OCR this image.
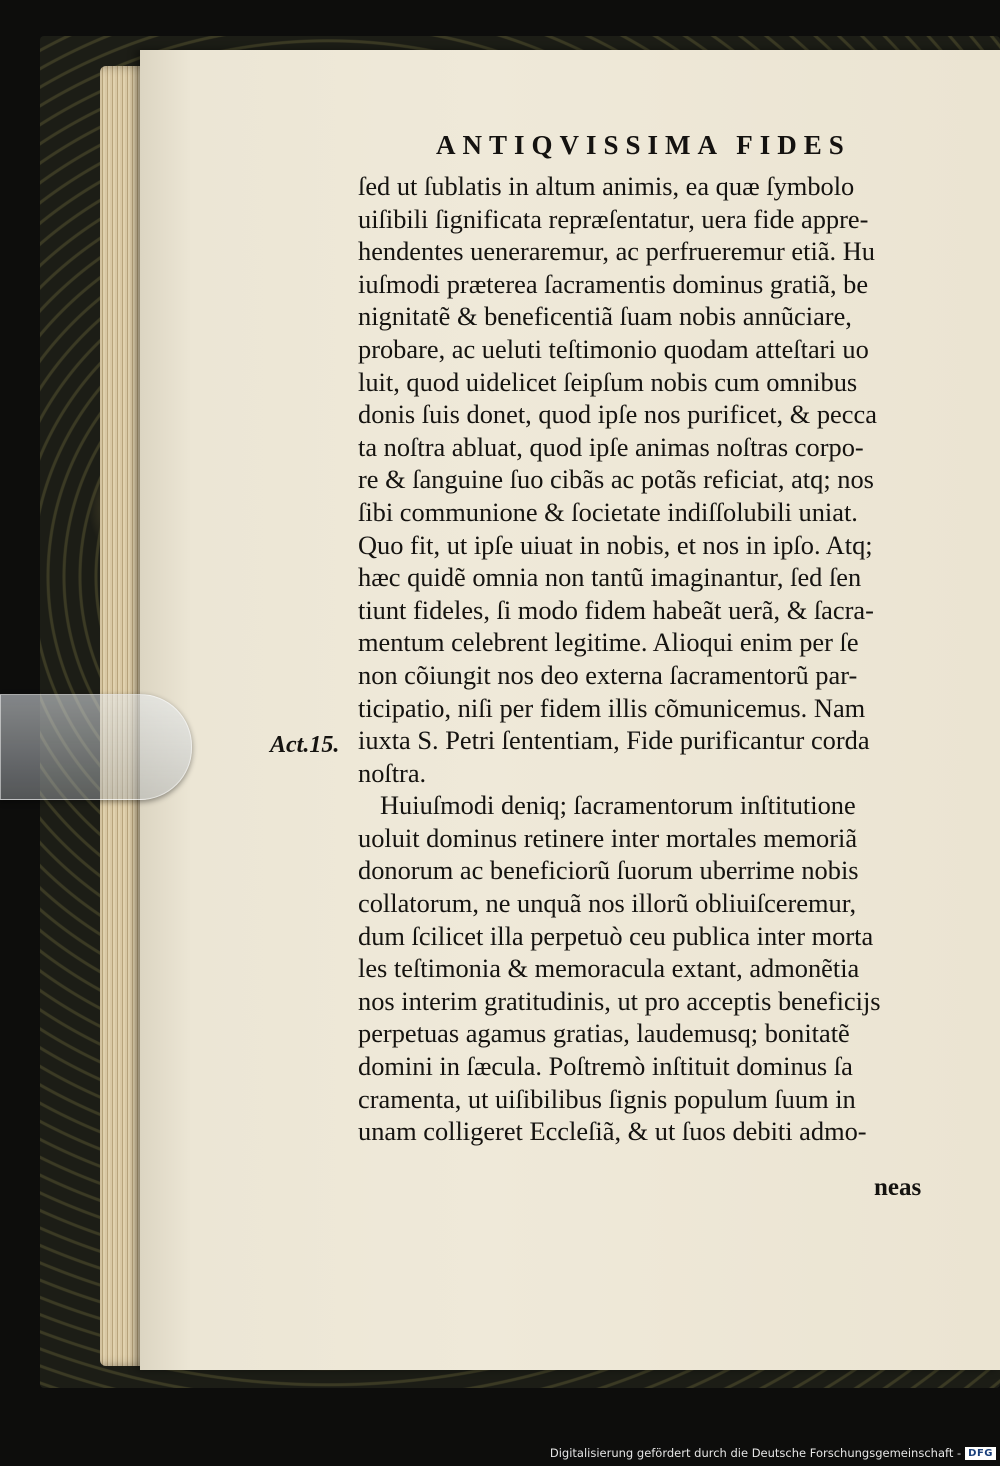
ANTIQVISSIMA FIDES
ſed ut ſublatis in altum animis, ea quæ ſymbolo
uiſibili ſignificata repræſentatur, uera fide appre-
hendentes ueneraremur, ac perfrueremur etiã. Hu
iuſmodi prӕterea ſacramentis dominus gratiã, be
nignitatẽ & beneficentiã ſuam nobis annũciare,
probare, ac ueluti teſtimonio quodam atteſtari uo
luit, quod uidelicet ſeipſum nobis cum omnibus
donis ſuis donet, quod ipſe nos purificet, & pecca
ta noſtra abluat, quod ipſe animas noſtras corpo-
re & ſanguine ſuo cibãs ac potãs reficiat, atq; nos
ſibi communione & ſocietate indiſſolubili uniat.
Quo fit, ut ipſe uiuat in nobis, et nos in ipſo. Atq;
hæc quidẽ omnia non tantũ imaginantur, ſed ſen
tiunt fideles, ſi modo fidem habeãt uerã, & ſacra-
mentum celebrent legitime. Alioqui enim per ſe
non cõiungit nos deo externa ſacramentorũ par-
ticipatio, niſi per fidem illis cõmunicemus. Nam
iuxta S. Petri ſententiam, Fide purificantur corda
noſtra.
Huiuſmodi deniq; ſacramentorum inſtitutione
uoluit dominus retinere inter mortales memoriã
donorum ac beneficiorũ ſuorum uberrime nobis
collatorum, ne unquã nos illorũ obliuiſceremur,
dum ſcilicet illa perpetuò ceu publica inter morta
les teſtimonia & memoracula extant, admonẽtia
nos interim gratitudinis, ut pro acceptis beneficijs
perpetuas agamus gratias, laudemusq; bonitatẽ
domini in ſæcula. Poſtremò inſtituit dominus ſa
cramenta, ut uiſibilibus ſignis populum ſuum in
unam colligeret Eccleſiã, & ut ſuos debiti admo-
neas
Act.15.
Digitalisierung gefördert durch die Deutsche Forschungsgemeinschaft - DFG
